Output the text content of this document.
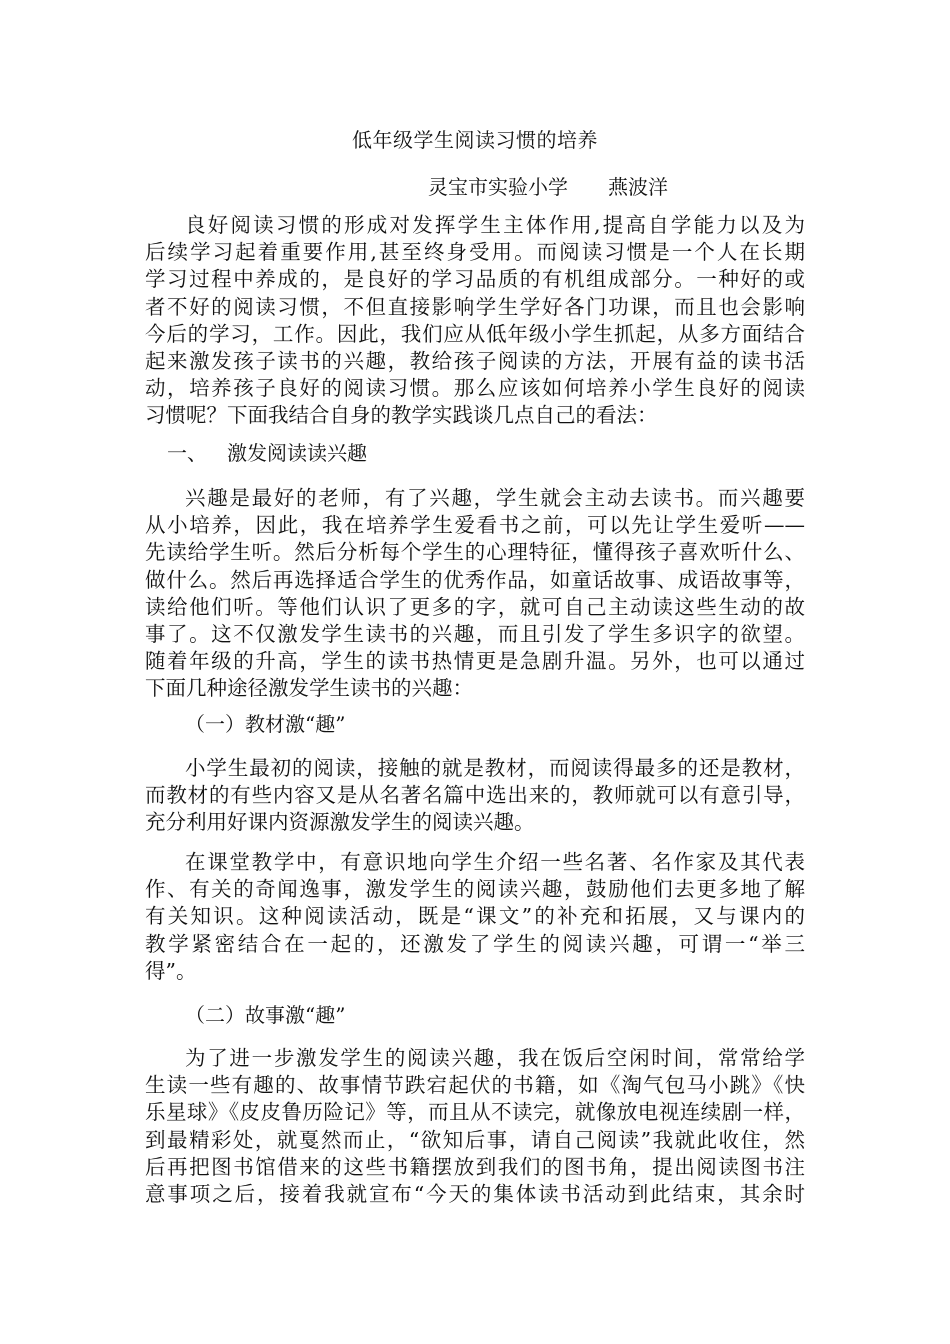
低年级学生阅读习惯的培养
灵宝市实验小学 燕波洋
良好阅读习惯的形成对发挥学生主体作用,提高自学能力以及为
后续学习起着重要作用,甚至终身受用。而阅读习惯是一个人在长期
学习过程中养成的，是良好的学习品质的有机组成部分。一种好的或
者不好的阅读习惯，不但直接影响学生学好各门功课，而且也会影响
今后的学习，工作。因此，我们应从低年级小学生抓起，从多方面结合
起来激发孩子读书的兴趣，教给孩子阅读的方法，开展有益的读书活
动，培养孩子良好的阅读习惯。那么应该如何培养小学生良好的阅读
习惯呢？下面我结合自身的教学实践谈几点自己的看法：
一、 激发阅读读兴趣
兴趣是最好的老师，有了兴趣，学生就会主动去读书。而兴趣要
从小培养，因此，我在培养学生爱看书之前，可以先让学生爱听——
先读给学生听。然后分析每个学生的心理特征，懂得孩子喜欢听什么、
做什么。然后再选择适合学生的优秀作品，如童话故事、成语故事等，
读给他们听。等他们认识了更多的字，就可自己主动读这些生动的故
事了。这不仅激发学生读书的兴趣，而且引发了学生多识字的欲望。
随着年级的升高，学生的读书热情更是急剧升温。另外，也可以通过
下面几种途径激发学生读书的兴趣：
（一）教材激“趣”
小学生最初的阅读，接触的就是教材，而阅读得最多的还是教材，
而教材的有些内容又是从名著名篇中选出来的，教师就可以有意引导，
充分利用好课内资源激发学生的阅读兴趣。
在课堂教学中，有意识地向学生介绍一些名著、名作家及其代表
作、有关的奇闻逸事，激发学生的阅读兴趣，鼓励他们去更多地了解
有关知识。这种阅读活动，既是“课文”的补充和拓展，又与课内的
教学紧密结合在一起的，还激发了学生的阅读兴趣，可谓一“举三
得”。
（二）故事激“趣”
为了进一步激发学生的阅读兴趣，我在饭后空闲时间，常常给学
生读一些有趣的、故事情节跌宕起伏的书籍，如《淘气包马小跳》《快
乐星球》《皮皮鲁历险记》等，而且从不读完，就像放电视连续剧一样，
到最精彩处，就戛然而止，“欲知后事，请自己阅读”我就此收住，然
后再把图书馆借来的这些书籍摆放到我们的图书角，提出阅读图书注
意事项之后，接着我就宣布“今天的集体读书活动到此结束，其余时
